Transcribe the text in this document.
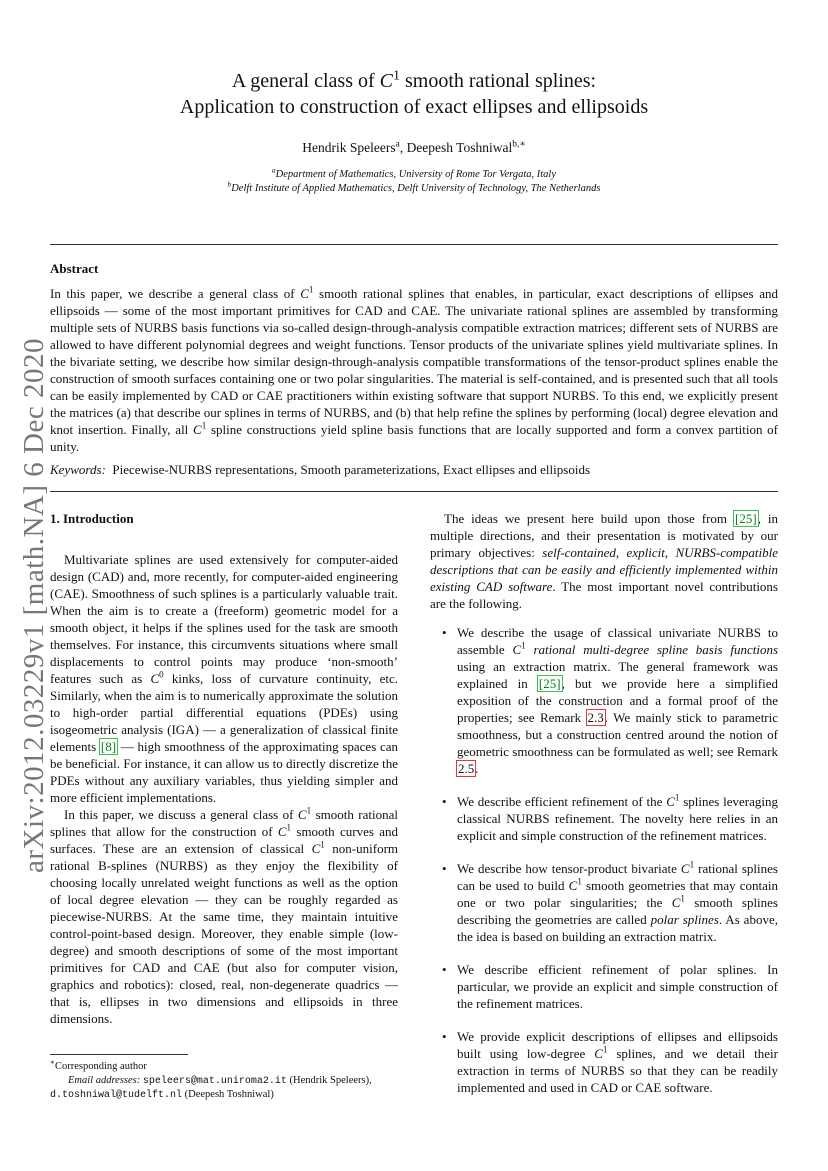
arXiv:2012.03229v1 [math.NA] 6 Dec 2020
A general class of $C^1$ smooth rational splines:
Application to construction of exact ellipses and ellipsoids
Hendrik Speleers$^a$, Deepesh Toshniwal$^{b,∗}$
$^a$Department of Mathematics, University of Rome Tor Vergata, Italy
$^b$Delft Institute of Applied Mathematics, Delft University of Technology, The Netherlands
Abstract
In this paper, we describe a general class of $C^1$ smooth rational splines that enables, in particular, exact descriptions of ellipses and ellipsoids — some of the most important primitives for CAD and CAE. The univariate rational splines are assembled by transforming multiple sets of NURBS basis functions via so-called design-through-analysis compatible extraction matrices; different sets of NURBS are allowed to have different polynomial degrees and weight functions. Tensor products of the univariate splines yield multivariate splines. In the bivariate setting, we describe how similar design-through-analysis compatible transformations of the tensor-product splines enable the construction of smooth surfaces containing one or two polar singularities. The material is self-contained, and is presented such that all tools can be easily implemented by CAD or CAE practitioners within existing software that support NURBS. To this end, we explicitly present the matrices (a) that describe our splines in terms of NURBS, and (b) that help refine the splines by performing (local) degree elevation and knot insertion. Finally, all $C^1$ spline constructions yield spline basis functions that are locally supported and form a convex partition of unity.
Keywords: Piecewise-NURBS representations, Smooth parameterizations, Exact ellipses and ellipsoids
1. Introduction

Multivariate splines are used extensively for computer-aided design (CAD) and, more recently, for computer-aided engineering (CAE). Smoothness of such splines is a particularly valuable trait. When the aim is to create a (freeform) geometric model for a smooth object, it helps if the splines used for the task are smooth themselves. For instance, this circumvents situations where small displacements to control points may produce ‘non-smooth’ features such as $C^0$ kinks, loss of curvature continuity, etc. Similarly, when the aim is to numerically approximate the solution to high-order partial differential equations (PDEs) using isogeometric analysis (IGA) — a generalization of classical finite elements [8] — high smoothness of the approximating spaces can be beneficial. For instance, it can allow us to directly discretize the PDEs without any auxiliary variables, thus yielding simpler and more efficient implementations.

In this paper, we discuss a general class of $C^1$ smooth rational splines that allow for the construction of $C^1$ smooth curves and surfaces. These are an extension of classical $C^1$ non-uniform rational B-splines (NURBS) as they enjoy the flexibility of choosing locally unrelated weight functions as well as the option of local degree elevation — they can be roughly regarded as piecewise-NURBS. At the same time, they maintain intuitive control-point-based design. Moreover, they enable simple (low-degree) and smooth descriptions of some of the most important primitives for CAD and CAE (but also for computer vision, graphics and robotics): closed, real, non-degenerate quadrics — that is, ellipses in two dimensions and ellipsoids in three dimensions.

The ideas we present here build upon those from [25], in multiple directions, and their presentation is motivated by our primary objectives: self-contained, explicit, NURBS-compatible descriptions that can be easily and efficiently implemented within existing CAD software. The most important novel contributions are the following.

• We describe the usage of classical univariate NURBS to assemble $C^1$ rational multi-degree spline basis functions using an extraction matrix. The general framework was explained in [25], but we provide here a simplified exposition of the construction and a formal proof of the properties; see Remark 2.3. We mainly stick to parametric smoothness, but a construction centred around the notion of geometric smoothness can be formulated as well; see Remark 2.5.
• We describe efficient refinement of the $C^1$ splines leveraging classical NURBS refinement. The novelty here relies in an explicit and simple construction of the refinement matrices.
• We describe how tensor-product bivariate $C^1$ rational splines can be used to build $C^1$ smooth geometries that may contain one or two polar singularities; the $C^1$ smooth splines describing the geometries are called polar splines. As above, the idea is based on building an extraction matrix.
• We describe efficient refinement of polar splines. In particular, we provide an explicit and simple construction of the refinement matrices.
• We provide explicit descriptions of ellipses and ellipsoids built using low-degree $C^1$ splines, and we detail their extraction in terms of NURBS so that they can be readily implemented and used in CAD or CAE software.
∗Corresponding author
Email addresses: speleers@mat.uniroma2.it (Hendrik Speleers),
d.toshniwal@tudelft.nl (Deepesh Toshniwal)
